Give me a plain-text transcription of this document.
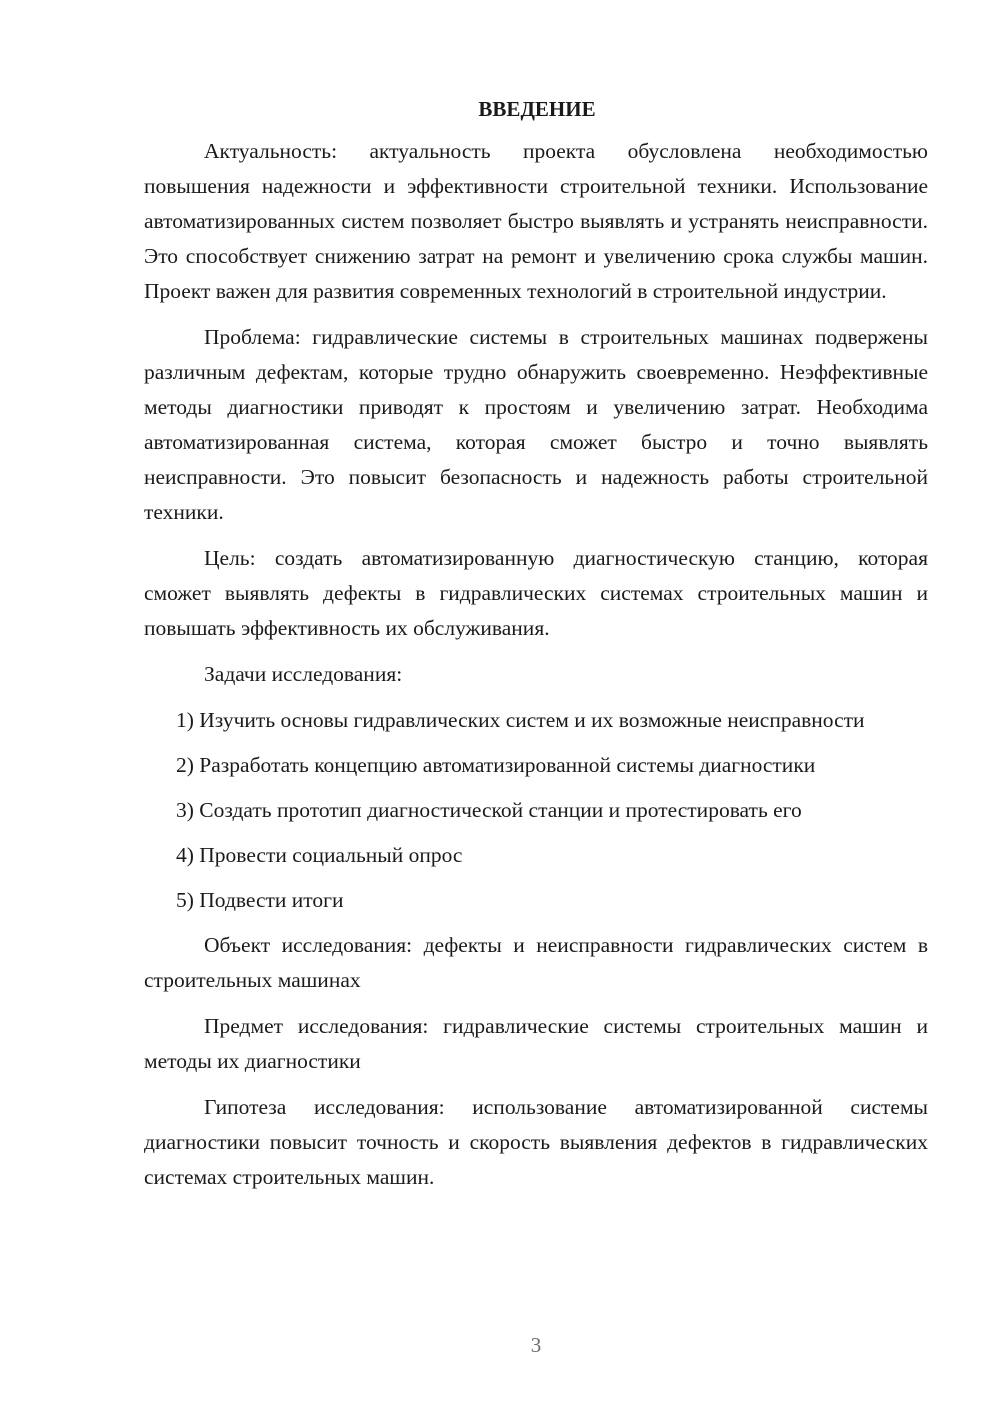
ВВЕДЕНИЕ

Актуальность: актуальность проекта обусловлена необходимостью повышения надежности и эффективности строительной техники. Использование автоматизированных систем позволяет быстро выявлять и устранять неисправности. Это способствует снижению затрат на ремонт и увеличению срока службы машин. Проект важен для развития современных технологий в строительной индустрии.

Проблема: гидравлические системы в строительных машинах подвержены различным дефектам, которые трудно обнаружить своевременно. Неэффективные методы диагностики приводят к простоям и увеличению затрат. Необходима автоматизированная система, которая сможет быстро и точно выявлять неисправности. Это повысит безопасность и надежность работы строительной техники.

Цель: создать автоматизированную диагностическую станцию, которая сможет выявлять дефекты в гидравлических системах строительных машин и повышать эффективность их обслуживания.

Задачи исследования:

1) Изучить основы гидравлических систем и их возможные неисправности

2) Разработать концепцию автоматизированной системы диагностики

3) Создать прототип диагностической станции и протестировать его

4) Провести социальный опрос

5) Подвести итоги

Объект исследования: дефекты и неисправности гидравлических систем в строительных машинах

Предмет исследования: гидравлические системы строительных машин и методы их диагностики

Гипотеза исследования: использование автоматизированной системы диагностики повысит точность и скорость выявления дефектов в гидравлических системах строительных машин.

3
